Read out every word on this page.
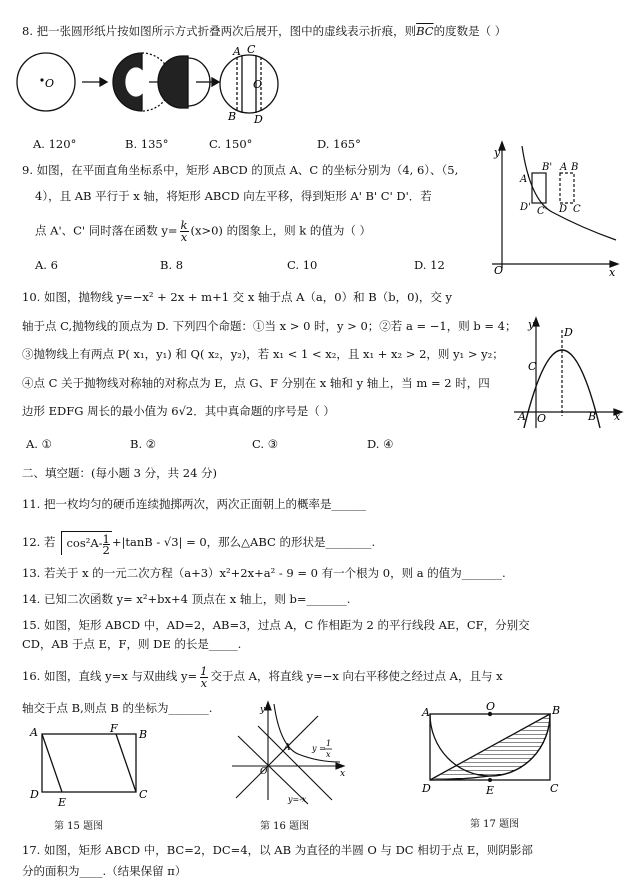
8. 把一张圆形纸片按如图所示方式折叠两次后展开，图中的虚线表示折痕，则$\overline{BC}$的度数是（ ）
O	O	O
A C
B D
A. 120°	B. 135°	C. 150°	D. 165°
9. 如图，在平面直角坐标系中，矩形 ABCD 的顶点 A、C 的坐标分别为（4, 6）、（5,
4），且 AB 平行于 x 轴，将矩形 ABCD 向左平移，得到矩形 A' B' C' D'．若
点 A'、C' 同时落在函数 $y= \frac{k}{x} (x>0)$ 的图象上，则 k 的值为（ ）
A. 6	B. 8	C. 10	D. 12
y
O	x
A'
B' A B
D' C' D C
10. 如图，抛物线 y=−x² + 2x + m+1 交 x 轴于点 A（a，0）和 B（b，0)，交 y
轴于点 C,抛物线的顶点为 D. 下列四个命题：①当 x > 0 时，y > 0；②若 a = −1，则 b = 4；
③抛物线上有两点 P( x₁，y₁) 和 Q( x₂，y₂)，若 x₁ < 1 < x₂，且 x₁ + x₂ > 2，则 y₁ > y₂；
④点 C 关于抛物线对称轴的对称点为 E，点 G、F 分别在 x 轴和 y 轴上，当 m = 2 时，四
边形 EDFG 周长的最小值为 6√2．其中真命题的序号是（ ）
A. ①	B. ②	C. ③	D. ④
y
D
C
A O	B x
二、填空题：(每小题 3 分，共 24 分)
11. 把一枚均匀的硬币连续抛掷两次，两次正面朝上的概率是______
12. 若 $\cos^2A- \frac{1}{2} +|\tan B - √3| = 0$，那么△ABC 的形状是________.
13. 若关于 x 的一元二次方程（a+3）x²+2x+a² - 9 = 0 有一个根为 0，则 a 的值为_______.
14. 已知二次函数 y= x²+bx+4 顶点在 x 轴上，则 b=_______.
15. 如图，矩形 ABCD 中，AD=2，AB=3，过点 A，C 作相距为 2 的平行线段 AE，CF，分别交
CD，AB 于点 E，F，则 DE 的长是_____.
16. 如图，直线 y=x 与双曲线 $y= \frac{1}{x}$ 交于点 A，将直线 y=−x 向右平移使之经过点 A，且与 x
轴交于点 B,则点 B 的坐标为_______.
A	F B
D
E
C
y
A
O	x
y =
1
x
y=-x
A	O	B
D	E	C
第 15 题图	第 16 题图	第 17 题图
17. 如图，矩形 ABCD 中，BC=2，DC=4，以 AB 为直径的半圆 O 与 DC 相切于点 E，则阴影部
分的面积为____.（结果保留 π）
